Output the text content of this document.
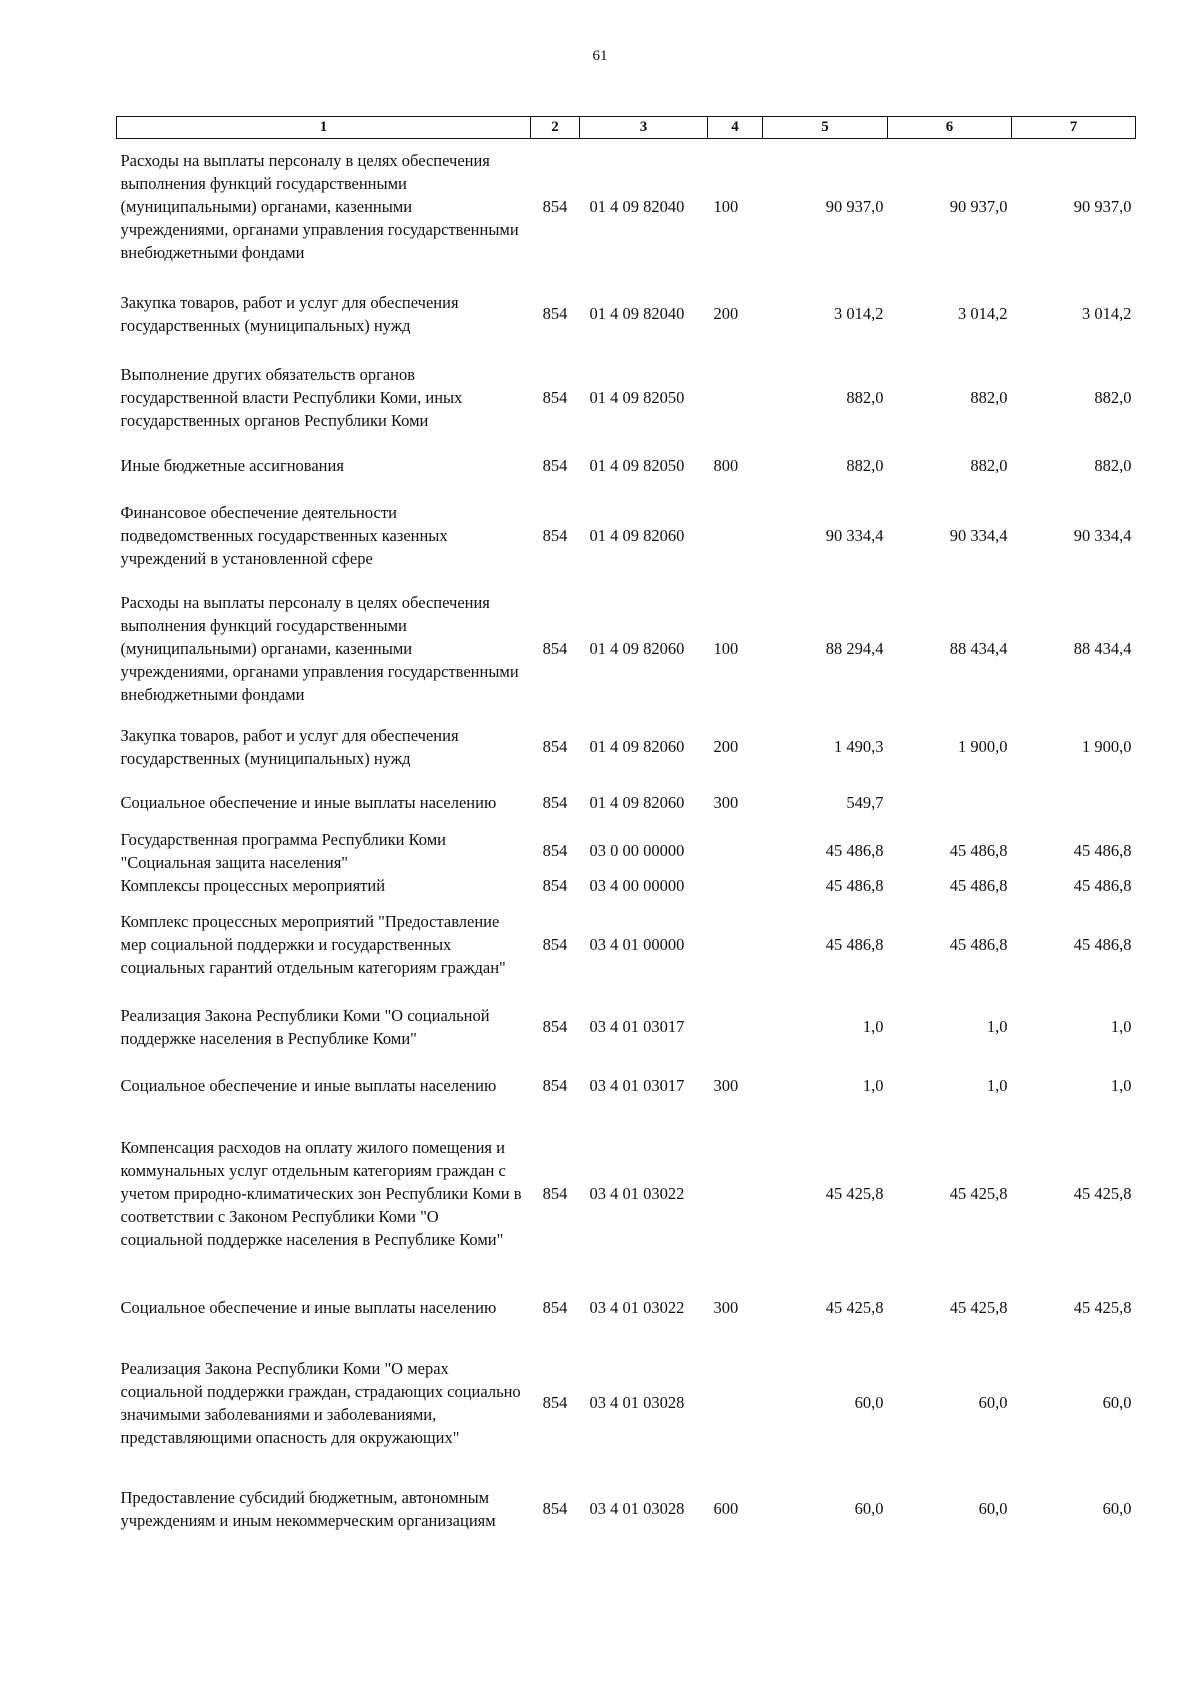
61
1	2	3	4	5	6	7
Расходы на выплаты персоналу в целях обеспечения выполнения функций государственными (муниципальными) органами, казенными учреждениями, органами управления государственными внебюджетными фондами	854	01 4 09 82040	100	90 937,0	90 937,0	90 937,0
Закупка товаров, работ и услуг для обеспечения государственных (муниципальных) нужд	854	01 4 09 82040	200	3 014,2	3 014,2	3 014,2
Выполнение других обязательств органов государственной власти Республики Коми, иных государственных органов Республики Коми	854	01 4 09 82050		882,0	882,0	882,0
Иные бюджетные ассигнования	854	01 4 09 82050	800	882,0	882,0	882,0
Финансовое обеспечение деятельности подведомственных государственных казенных учреждений в установленной сфере	854	01 4 09 82060		90 334,4	90 334,4	90 334,4
Расходы на выплаты персоналу в целях обеспечения выполнения функций государственными (муниципальными) органами, казенными учреждениями, органами управления государственными внебюджетными фондами	854	01 4 09 82060	100	88 294,4	88 434,4	88 434,4
Закупка товаров, работ и услуг для обеспечения государственных (муниципальных) нужд	854	01 4 09 82060	200	1 490,3	1 900,0	1 900,0
Социальное обеспечение и иные выплаты населению	854	01 4 09 82060	300	549,7		
Государственная программа Республики Коми "Социальная защита населения"	854	03 0 00 00000		45 486,8	45 486,8	45 486,8
Комплексы процессных мероприятий	854	03 4 00 00000		45 486,8	45 486,8	45 486,8
Комплекс процессных мероприятий "Предоставление мер социальной поддержки и государственных социальных гарантий отдельным категориям граждан"	854	03 4 01 00000		45 486,8	45 486,8	45 486,8
Реализация Закона Республики Коми "О социальной поддержке населения в Республике Коми"	854	03 4 01 03017		1,0	1,0	1,0
Социальное обеспечение и иные выплаты населению	854	03 4 01 03017	300	1,0	1,0	1,0
Компенсация расходов на оплату жилого помещения и коммунальных услуг отдельным категориям граждан с учетом природно-климатических зон Республики Коми в соответствии с Законом Республики Коми "О социальной поддержке населения в Республике Коми"	854	03 4 01 03022		45 425,8	45 425,8	45 425,8
Социальное обеспечение и иные выплаты населению	854	03 4 01 03022	300	45 425,8	45 425,8	45 425,8
Реализация Закона Республики Коми "О мерах социальной поддержки граждан, страдающих социально значимыми заболеваниями и заболеваниями, представляющими опасность для окружающих"	854	03 4 01 03028		60,0	60,0	60,0
Предоставление субсидий бюджетным, автономным учреждениям и иным некоммерческим организациям	854	03 4 01 03028	600	60,0	60,0	60,0
